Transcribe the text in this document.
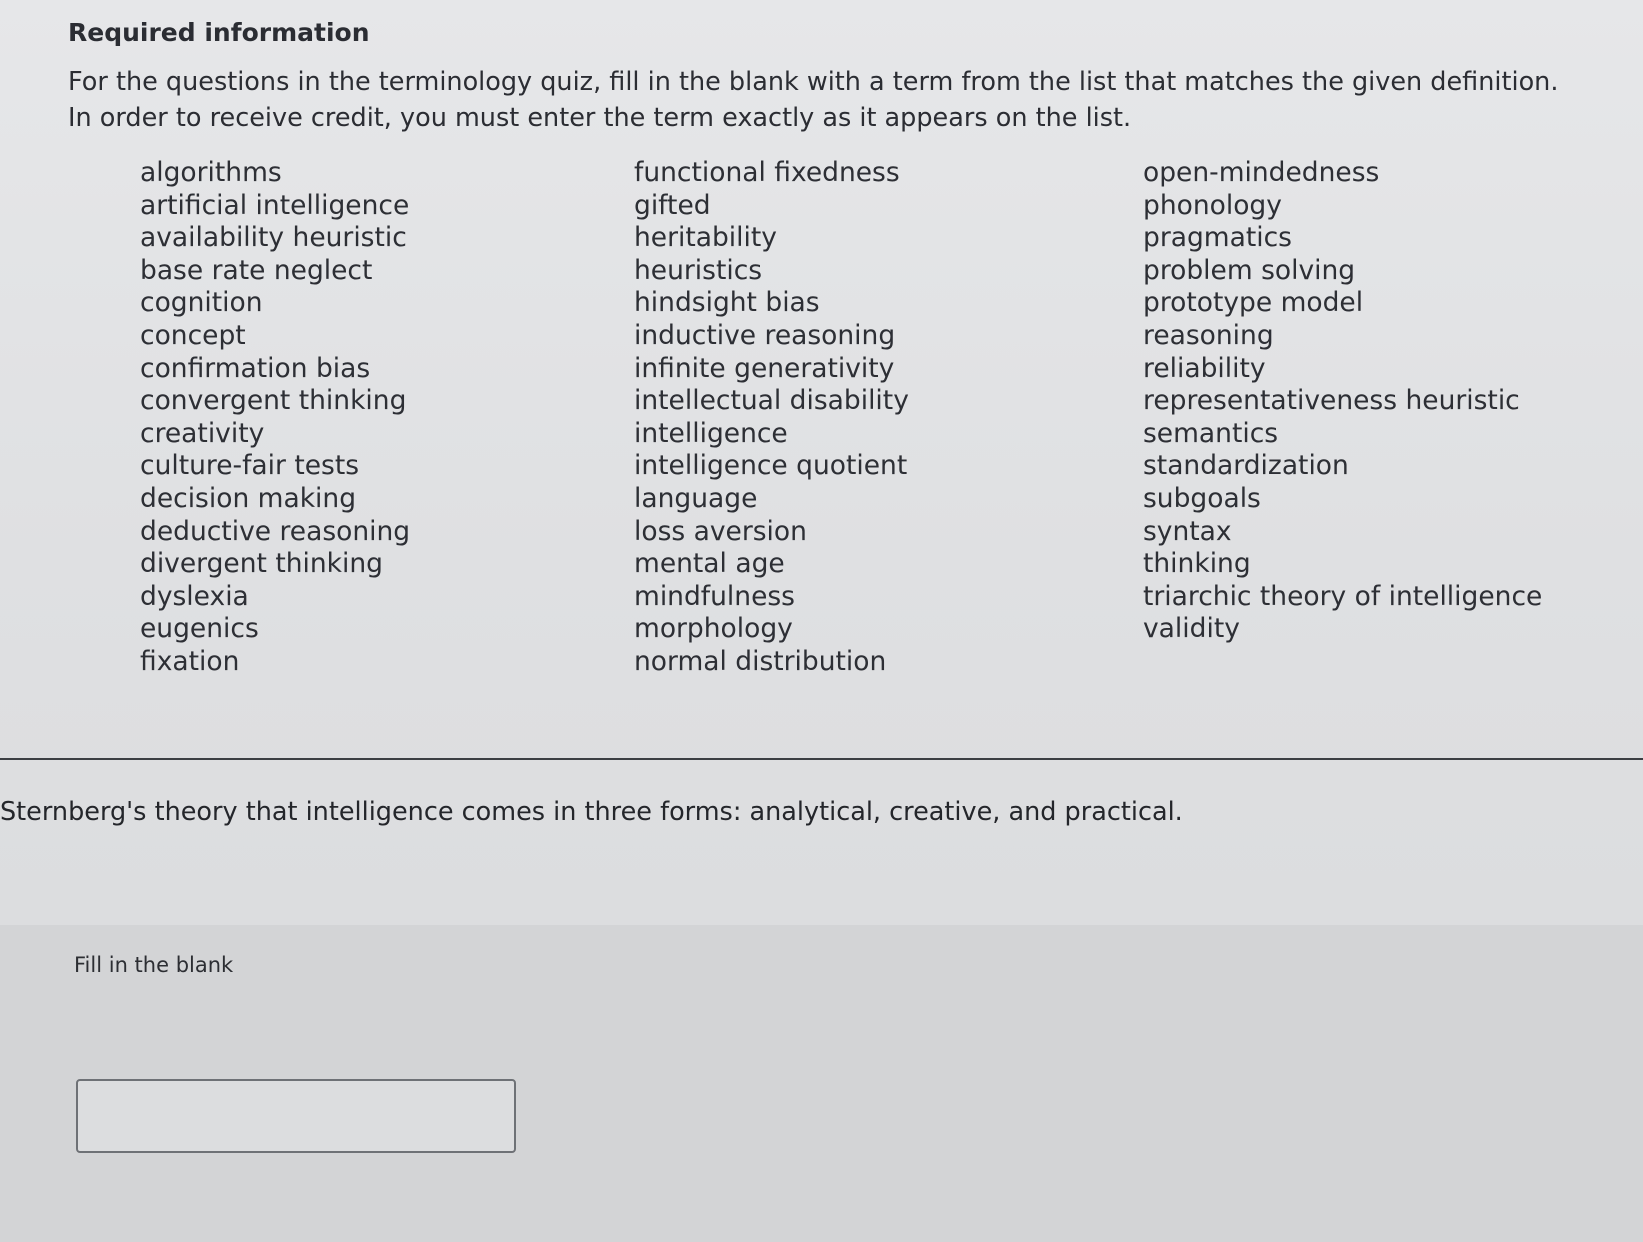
Required information
For the questions in the terminology quiz, fill in the blank with a term from the list that matches the given definition. In order to receive credit, you must enter the term exactly as it appears on the list.
algorithms
artificial intelligence
availability heuristic
base rate neglect
cognition
concept
confirmation bias
convergent thinking
creativity
culture-fair tests
decision making
deductive reasoning
divergent thinking
dyslexia
eugenics
fixation
functional fixedness
gifted
heritability
heuristics
hindsight bias
inductive reasoning
infinite generativity
intellectual disability
intelligence
intelligence quotient
language
loss aversion
mental age
mindfulness
morphology
normal distribution
open-mindedness
phonology
pragmatics
problem solving
prototype model
reasoning
reliability
representativeness heuristic
semantics
standardization
subgoals
syntax
thinking
triarchic theory of intelligence
validity
Sternberg's theory that intelligence comes in three forms: analytical, creative, and practical.
Fill in the blank
